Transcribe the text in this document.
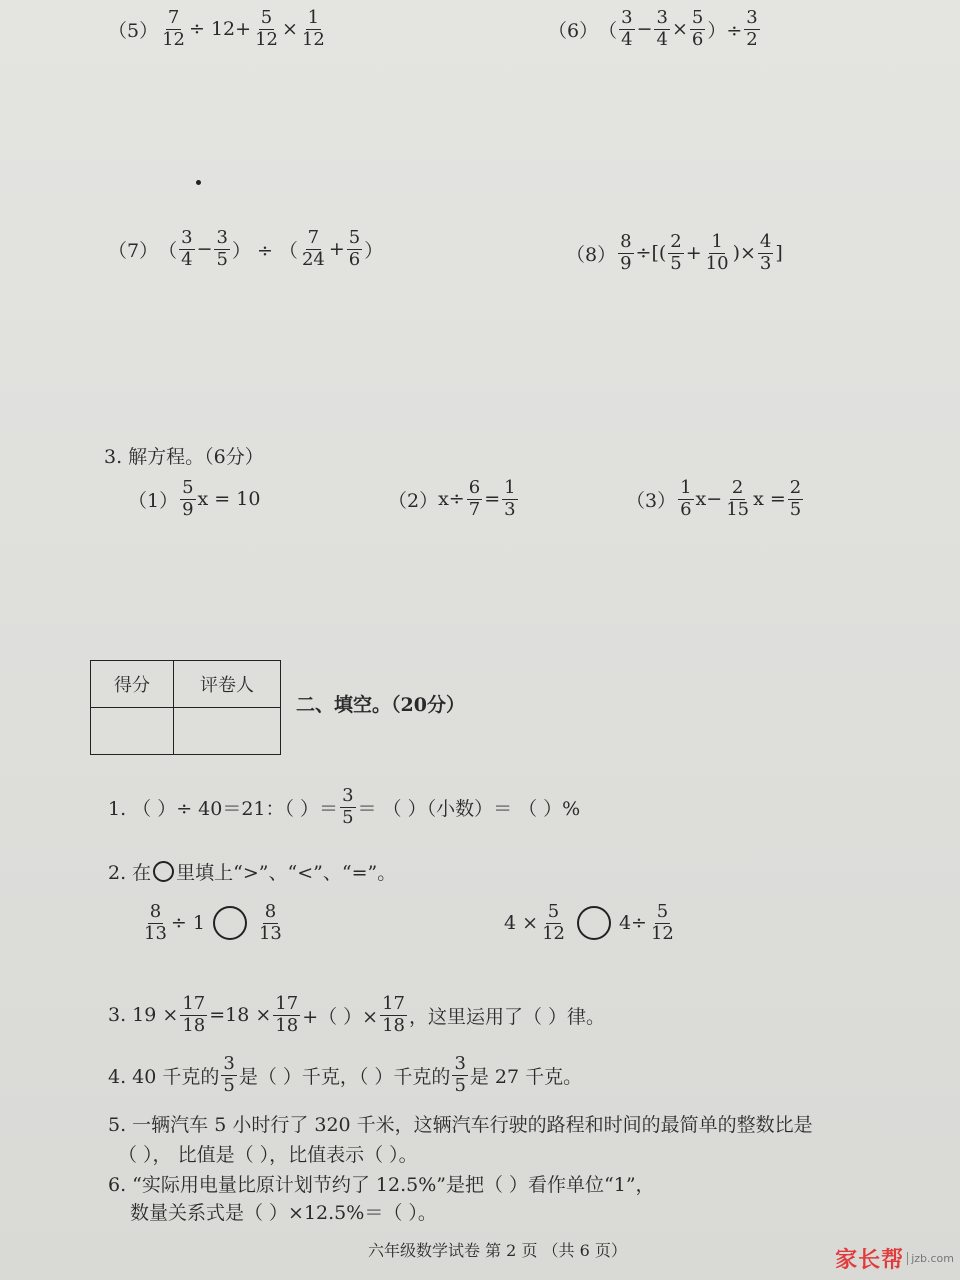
$(5) \frac{7}{12} \div 12+ \frac{5}{12} \times \frac{1}{12}$	（6） （ $\frac{3}{4} - \frac{3}{4} \times \frac{5}{6}$ ）÷ $\frac{3}{2}$
（7） （ $\frac{3}{4} - \frac{3}{5}$ ） ÷ （ $\frac{7}{24} + \frac{5}{6}$ ）	$(8) \frac{8}{9}$ ÷[( $\frac{2}{5} + \frac{1}{10}$ )× $\frac{4}{3}$ ]
3. 解方程。（6分）
$(1) \frac{5}{9}$ x = 10	（2） $x\div \frac{6}{7} = \frac{1}{3}$	$(3) \frac{1}{6} x- \frac{2}{15}$ $x = \frac{2}{5}$
得分	评卷人

二、填空。（20分）
1. （ ）÷ 40＝21：（ ）＝ $\frac{3}{5}$ ＝ （ ）（小数）＝ （ ）%
2. 在 里填上“>”、“<”、“=”。
$\frac{8}{13} \div 1$	$\frac{8}{13}$	$4 \times \frac{5}{12}$	$4\div \frac{5}{12}$
3. $19 \times \frac{17}{18} =18 \times \frac{17}{18}$ +（ ）× $\frac{17}{18}$ ，这里运用了（ ）律。
4. 40 千克的 $\frac{3}{5}$ 是（ ）千克，（ ）千克的 $\frac{3}{5}$ 是 27 千克。
5. 一辆汽车 5 小时行了 320 千米，这辆汽车行驶的路程和时间的最简单的整数比是
（ ）， 比值是（ ），比值表示（ ）。
6. “实际用电量比原计划节约了 12.5%”是把（ ）看作单位“1”，
数量关系式是（ ）×12.5%＝（ ）。
六年级数学试卷 第 2 页 （共 6 页）	家长帮 jzb.com
